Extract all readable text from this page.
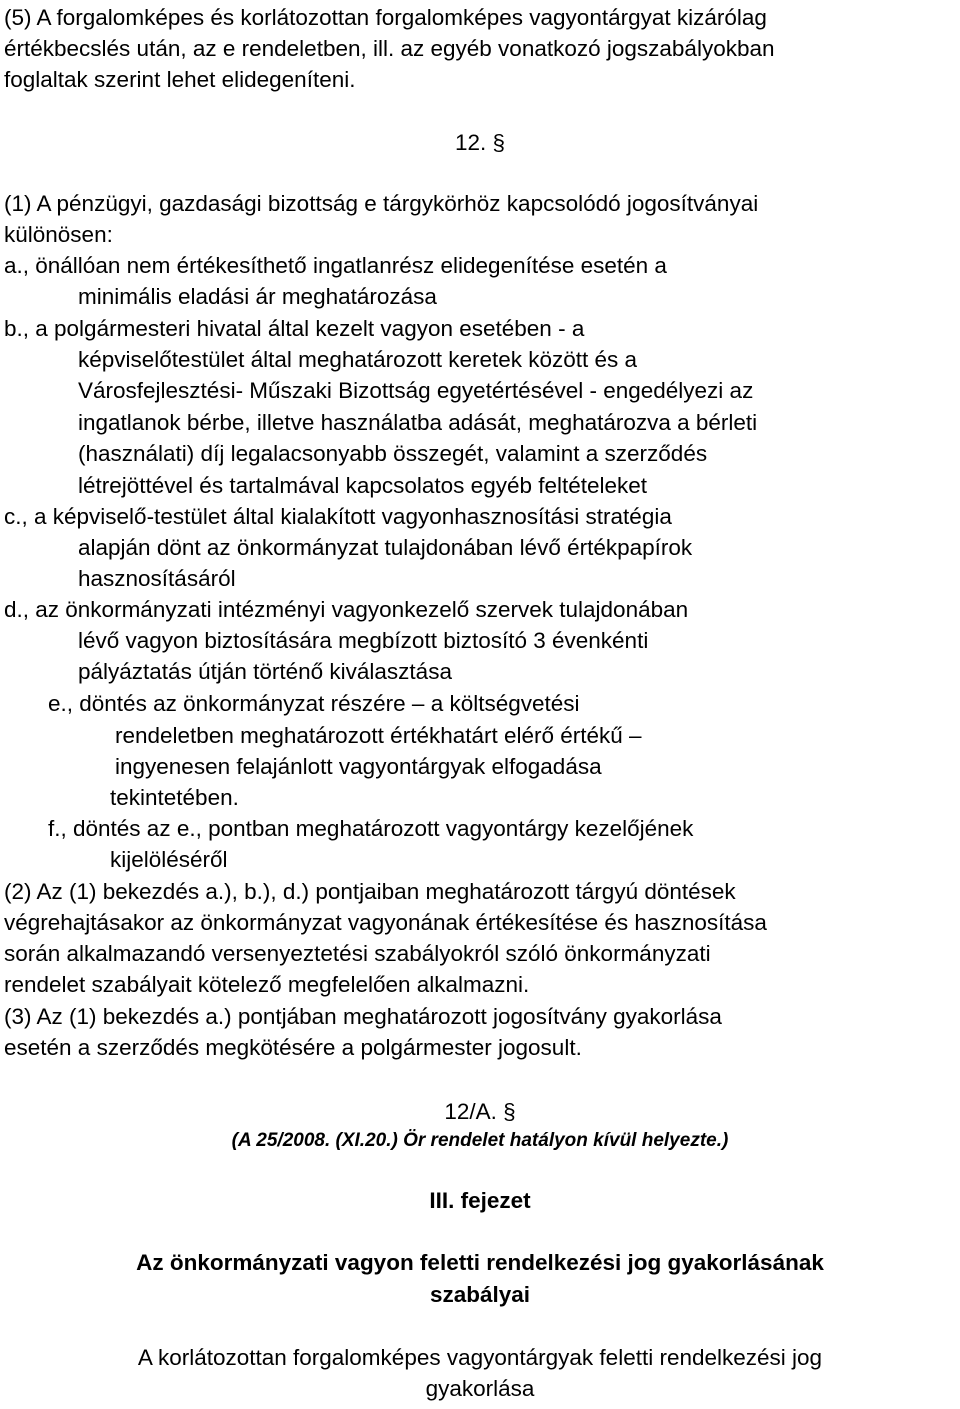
(5) A forgalomképes és korlátozottan forgalomképes vagyontárgyat kizárólag
értékbecslés után, az e rendeletben, ill. az egyéb vonatkozó jogszabályokban
foglaltak szerint lehet elidegeníteni.
12. §
(1) A pénzügyi, gazdasági bizottság e tárgykörhöz kapcsolódó jogosítványai
különösen:
a., önállóan nem értékesíthető ingatlanrész elidegenítése esetén a
minimális eladási ár meghatározása
b., a polgármesteri hivatal által kezelt vagyon esetében - a
képviselőtestület által meghatározott keretek között és a
Városfejlesztési- Műszaki Bizottság egyetértésével - engedélyezi az
ingatlanok bérbe, illetve használatba adását, meghatározva a bérleti
(használati) díj legalacsonyabb összegét, valamint a szerződés
létrejöttével és tartalmával kapcsolatos egyéb feltételeket
c., a képviselő-testület által kialakított vagyonhasznosítási stratégia
alapján dönt az önkormányzat tulajdonában lévő értékpapírok
hasznosításáról
d., az önkormányzati intézményi vagyonkezelő szervek tulajdonában
lévő vagyon biztosítására megbízott biztosító 3 évenkénti
pályáztatás útján történő kiválasztása
e., döntés az önkormányzat részére – a költségvetési
rendeletben meghatározott értékhatárt elérő értékű –
ingyenesen felajánlott vagyontárgyak elfogadása
tekintetében.
f., döntés az e., pontban meghatározott vagyontárgy kezelőjének
kijelöléséről
(2) Az (1) bekezdés a.), b.), d.) pontjaiban meghatározott tárgyú döntések
végrehajtásakor az önkormányzat vagyonának értékesítése és hasznosítása
során alkalmazandó versenyeztetési szabályokról szóló önkormányzati
rendelet szabályait kötelező megfelelően alkalmazni.
(3) Az (1) bekezdés a.) pontjában meghatározott jogosítvány gyakorlása
esetén a szerződés megkötésére a polgármester jogosult.
12/A. §
(A 25/2008. (XI.20.) Ör rendelet hatályon kívül helyezte.)
III. fejezet
Az önkormányzati vagyon feletti rendelkezési jog gyakorlásának
szabályai
A korlátozottan forgalomképes vagyontárgyak feletti rendelkezési jog
gyakorlása
